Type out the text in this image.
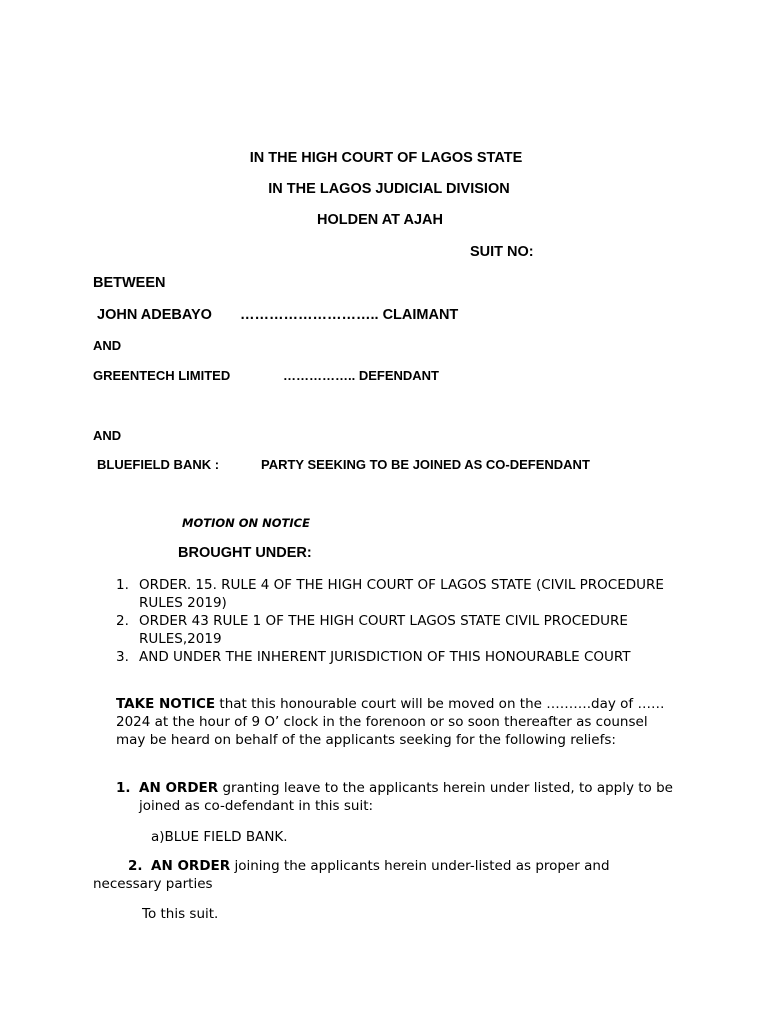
IN THE HIGH COURT OF LAGOS STATE
IN THE LAGOS JUDICIAL DIVISION
HOLDEN AT AJAH
SUIT NO:
BETWEEN
JOHN ADEBAYO ……………………….. CLAIMANT
AND
GREENTECH LIMITED	…………….. DEFENDANT
AND
BLUEFIELD BANK :	PARTY SEEKING TO BE JOINED AS CO-DEFENDANT
MOTION ON NOTICE
BROUGHT UNDER:
1. ORDER. 15. RULE 4 OF THE HIGH COURT OF LAGOS STATE (CIVIL PROCEDURE RULES 2019)
2. ORDER 43 RULE 1 OF THE HIGH COURT LAGOS STATE CIVIL PROCEDURE RULES,2019
3. AND UNDER THE INHERENT JURISDICTION OF THIS HONOURABLE COURT
TAKE NOTICE that this honourable court will be moved on the ……….day of ……2024 at the hour of 9 O’ clock in the forenoon or so soon thereafter as counsel may be heard on behalf of the applicants seeking for the following reliefs:
1. AN ORDER granting leave to the applicants herein under listed, to apply to be joined as co-defendant in this suit:
a)BLUE FIELD BANK.
2. AN ORDER joining the applicants herein under-listed as proper and necessary parties
To this suit.
